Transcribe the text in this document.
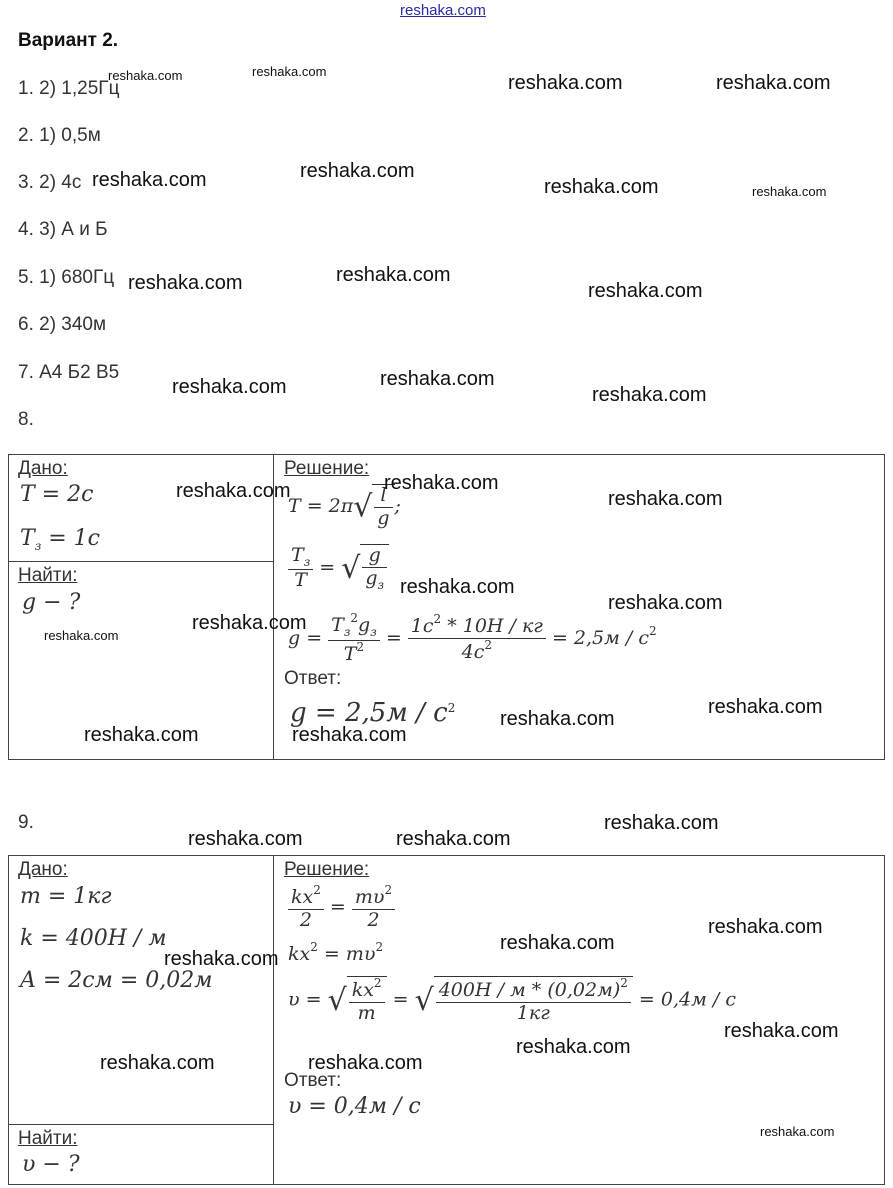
reshaka.com
Вариант 2.
1. 2) 1,25Гц
2. 1) 0,5м
3. 2) 4с
4. 3) А и Б
5. 1) 680Гц
6. 2) 340м
7. А4 Б2 В5
8.
Дано:
T = 2c
$T_з = 1c$
Найти:
g − ?
Решение:
$T = 2\pi√ \frac{l}{g}$ ;
$\frac{T_з}{T}$ = √ $\frac{g}{g_з}$
$g = \frac{T_з^2g_з}{T^2} = \frac{1c^2 * 10H / кг}{4c^2} = 2,5м / c^2$
Ответ:
$g = 2,5м / c^2$
9.
Дано:
m = 1кг
k = 400H / м
A = 2cм = 0,02м
Найти:
υ − ?
Решение:
$\frac{kx^2}{2} = \frac{m\upsilon^2}{2}$
$kx^2 = m\upsilon^2$
υ = √ $\frac{kx^2}{m}$ = √ $\frac{400H / м * (0,02м)^2}{1кг} = 0,4м / c$
Ответ:
υ = 0,4м / c
reshaka.com	reshaka.com
reshaka.com	reshaka.com
reshaka.com	reshaka.com
reshaka.com	reshaka.com
reshaka.com	reshaka.com
reshaka.com
reshaka.com	reshaka.com
reshaka.com
reshaka.com	reshaka.com
reshaka.com
reshaka.com
reshaka.com
reshaka.com
reshaka.com
reshaka.com
reshaka.com
reshaka.com	reshaka.com
reshaka.com	reshaka.com
reshaka.com
reshaka.com
reshaka.com
reshaka.com
reshaka.com
reshaka.com
reshaka.com	reshaka.com
reshaka.com
